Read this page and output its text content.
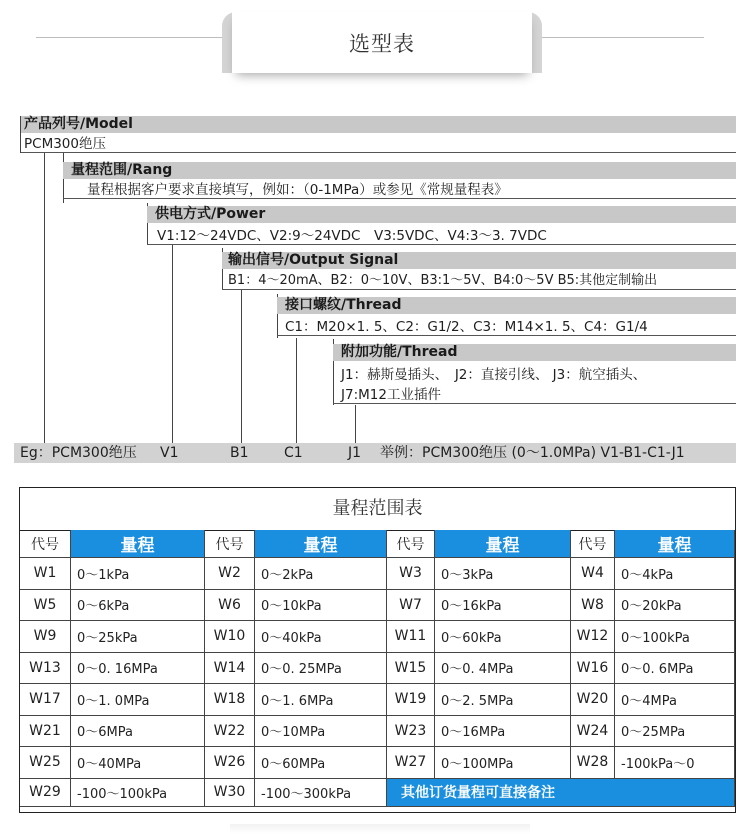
选型表
产品列号/Model
PCM300绝压
量程范围/Rang
量程根据客户要求直接填写，例如：（0-1MPa）或参见《常规量程表》
供电方式/Power
V1:12～24VDC、V2:9～24VDC　V3:5VDC、V4:3～3. 7VDC
输出信号/Output Signal
B1：4～20mA、B2：0～10V、B3:1～5V、B4:0～5V B5:其他定制输出
接口螺纹/Thread
C1：M20×1. 5、C2：G1/2、C3：M14×1. 5、C4：G1/4
附加功能/Thread
J1：赫斯曼插头、　J2：直接引线、 J3：航空插头、
J7:M12工业插件
Eg：PCM300绝压 V1	B1	C1	J1 举例：PCM300绝压 (0～1.0MPa) V1-B1-C1-J1
量程范围表
代号	量程	代号	量程	代号	量程	代号	量程
W1	0～1kPa	W2	0～2kPa	W3	0～3kPa	W4	0～4kPa
W5	0～6kPa	W6	0～10kPa	W7	0～16kPa	W8	0～20kPa
W9	0～25kPa	W10	0～40kPa	W11	0～60kPa	W12 0～100kPa
W13	0～0. 16MPa	W14	0～0. 25MPa	W15	0～0. 4MPa	W16 0～0. 6MPa
W17	0～1. 0MPa	W18	0～1. 6MPa	W19	0～2. 5MPa	W20 0～4MPa
W21	0～6MPa	W22	0～10MPa	W23	0～16MPa	W24 0～25MPa
W25	0～40MPa	W26	0～60MPa	W27	0～100MPa	W28 -100kPa～0
W29	-100～100kPa	W30	-100～300kPa	其他订货量程可直接备注
